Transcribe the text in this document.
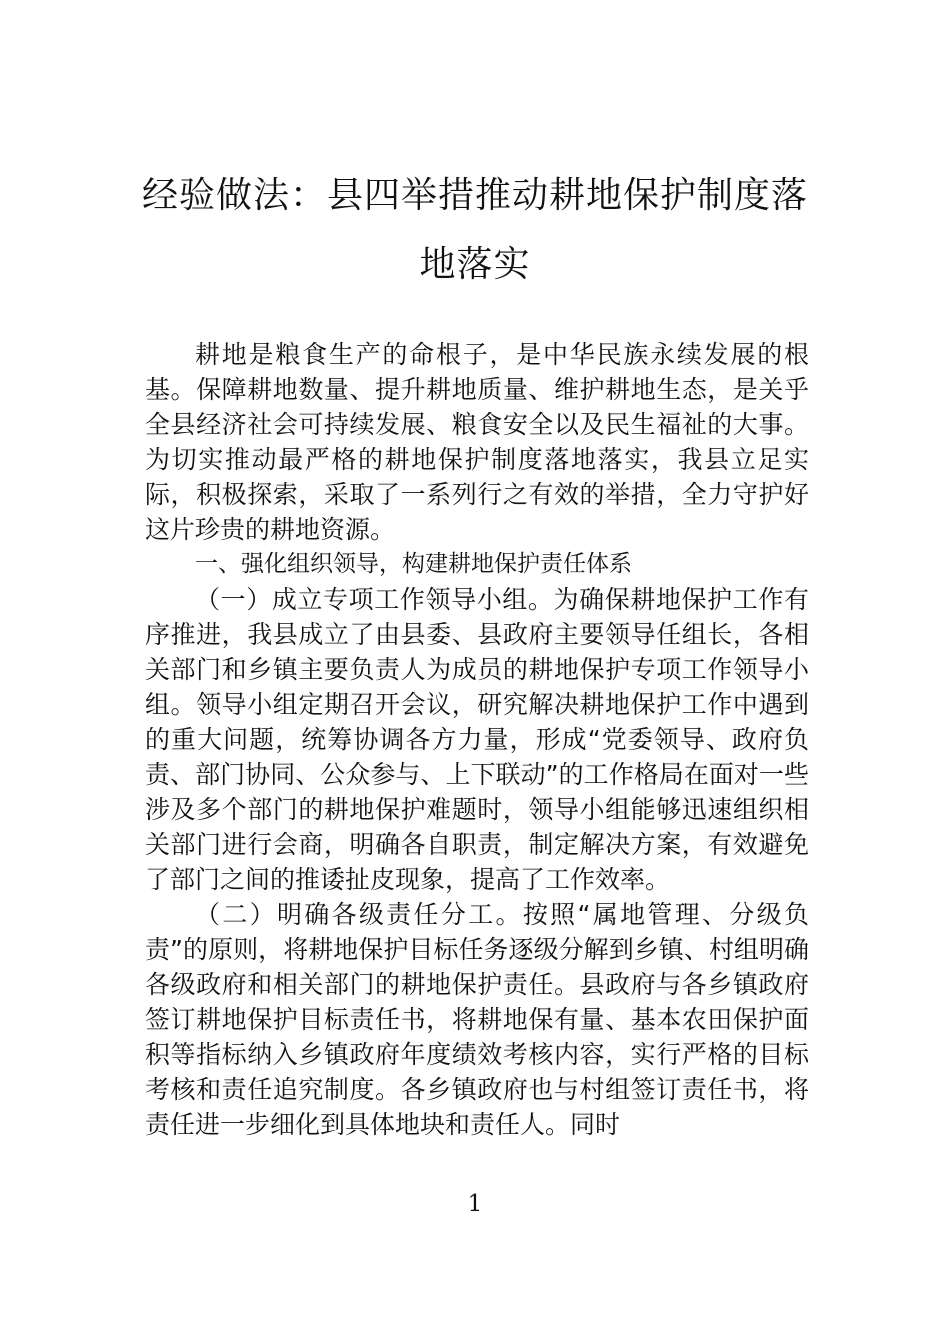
经验做法：县四举措推动耕地保护制度落
地落实

耕地是粮食生产的命根子，是中华民族永续发展的根基。保障耕地数量、提升耕地质量、维护耕地生态，是关乎全县经济社会可持续发展、粮食安全以及民生福祉的大事。为切实推动最严格的耕地保护制度落地落实，我县立足实际，积极探索，采取了一系列行之有效的举措，全力守护好这片珍贵的耕地资源。

一、强化组织领导，构建耕地保护责任体系

（一）成立专项工作领导小组。为确保耕地保护工作有序推进，我县成立了由县委、县政府主要领导任组长，各相关部门和乡镇主要负责人为成员的耕地保护专项工作领导小组。领导小组定期召开会议，研究解决耕地保护工作中遇到的重大问题，统筹协调各方力量，形成“党委领导、政府负责、部门协同、公众参与、上下联动”的工作格局在面对一些涉及多个部门的耕地保护难题时，领导小组能够迅速组织相关部门进行会商，明确各自职责，制定解决方案，有效避免了部门之间的推诿扯皮现象，提高了工作效率。

（二）明确各级责任分工。按照“属地管理、分级负责”的原则，将耕地保护目标任务逐级分解到乡镇、村组明确各级政府和相关部门的耕地保护责任。县政府与各乡镇政府签订耕地保护目标责任书，将耕地保有量、基本农田保护面积等指标纳入乡镇政府年度绩效考核内容，实行严格的目标考核和责任追究制度。各乡镇政府也与村组签订责任书，将责任进一步细化到具体地块和责任人。同时

1
